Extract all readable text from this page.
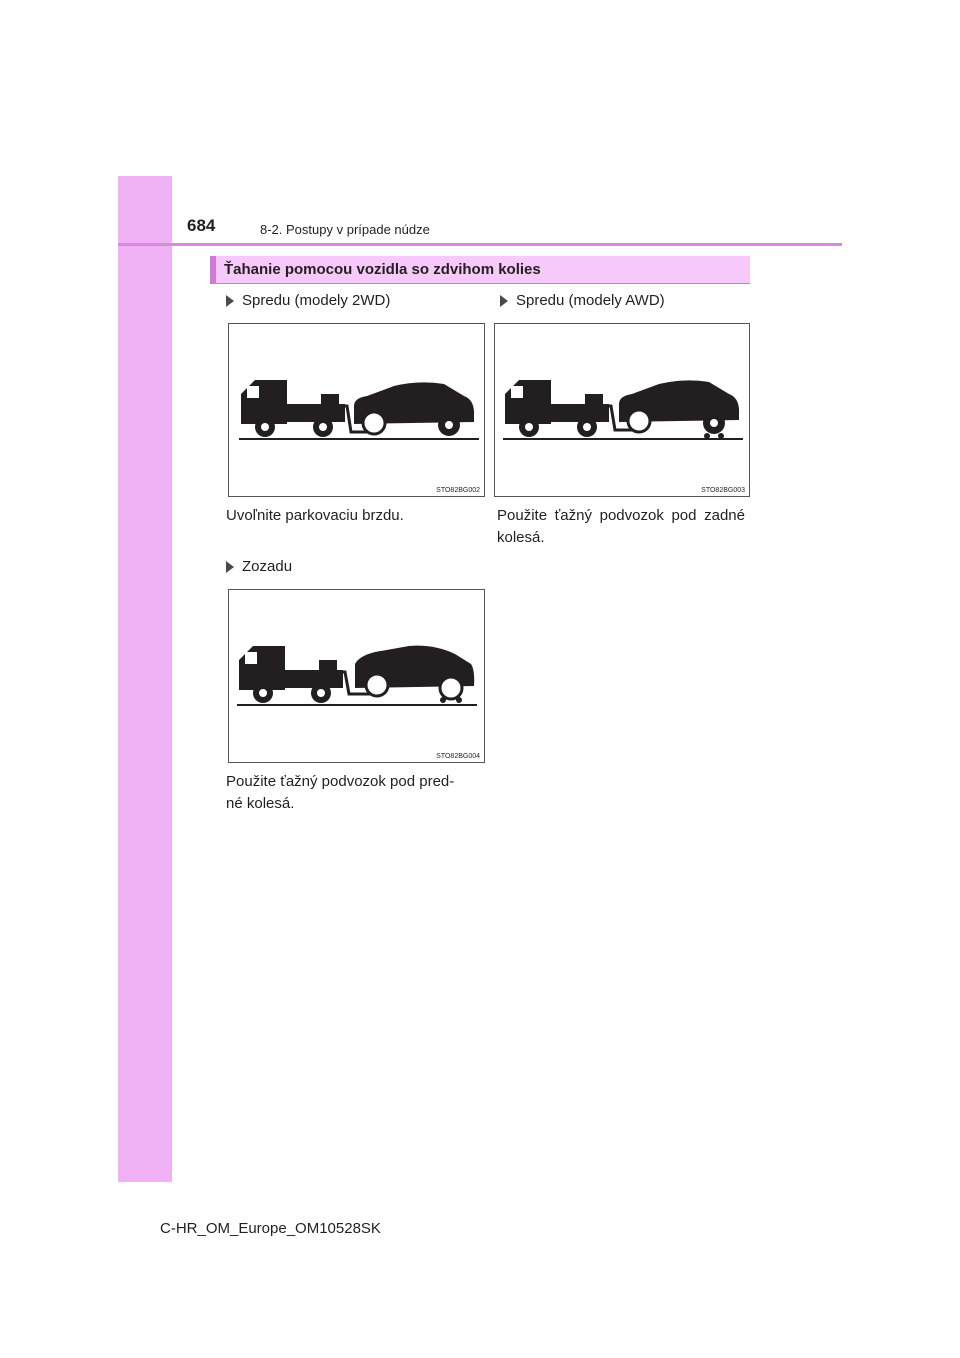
684	8-2. Postupy v prípade núdze
Ťahanie pomocou vozidla so zdvihom kolies
Spredu (modely 2WD)
STO82BG002
Uvoľnite parkovaciu brzdu.
Spredu (modely AWD)
STO82BG003
Použite ťažný podvozok pod zadné kolesá.
Zozadu
STO82BG004
Použite ťažný podvozok pod pred-
né kolesá.
C-HR_OM_Europe_OM10528SK
